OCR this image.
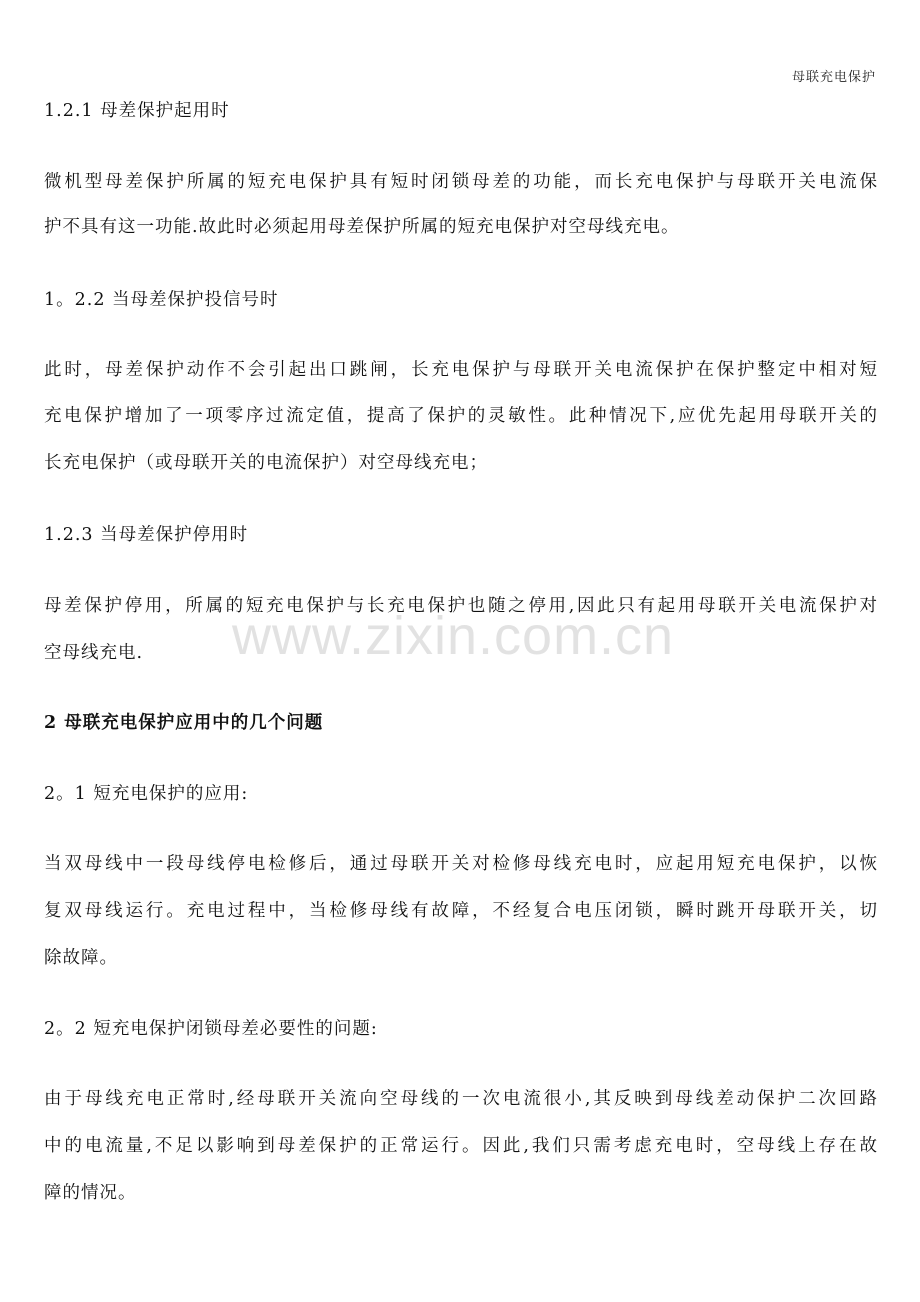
母联充电保护
1.2.1 母差保护起用时
微机型母差保护所属的短充电保护具有短时闭锁母差的功能，而长充电保护与母联开关电流保
护不具有这一功能.故此时必须起用母差保护所属的短充电保护对空母线充电。
1。2.2 当母差保护投信号时
此时，母差保护动作不会引起出口跳闸，长充电保护与母联开关电流保护在保护整定中相对短
充电保护增加了一项零序过流定值，提高了保护的灵敏性。此种情况下,应优先起用母联开关的
长充电保护（或母联开关的电流保护）对空母线充电；
1.2.3 当母差保护停用时
母差保护停用，所属的短充电保护与长充电保护也随之停用,因此只有起用母联开关电流保护对
空母线充电.
2 母联充电保护应用中的几个问题
2。1 短充电保护的应用:
当双母线中一段母线停电检修后，通过母联开关对检修母线充电时，应起用短充电保护，以恢
复双母线运行。充电过程中，当检修母线有故障，不经复合电压闭锁，瞬时跳开母联开关，切
除故障。
2。2 短充电保护闭锁母差必要性的问题:
由于母线充电正常时,经母联开关流向空母线的一次电流很小,其反映到母线差动保护二次回路
中的电流量,不足以影响到母差保护的正常运行。因此,我们只需考虑充电时，空母线上存在故
障的情况。
www.zixin.com.cn
